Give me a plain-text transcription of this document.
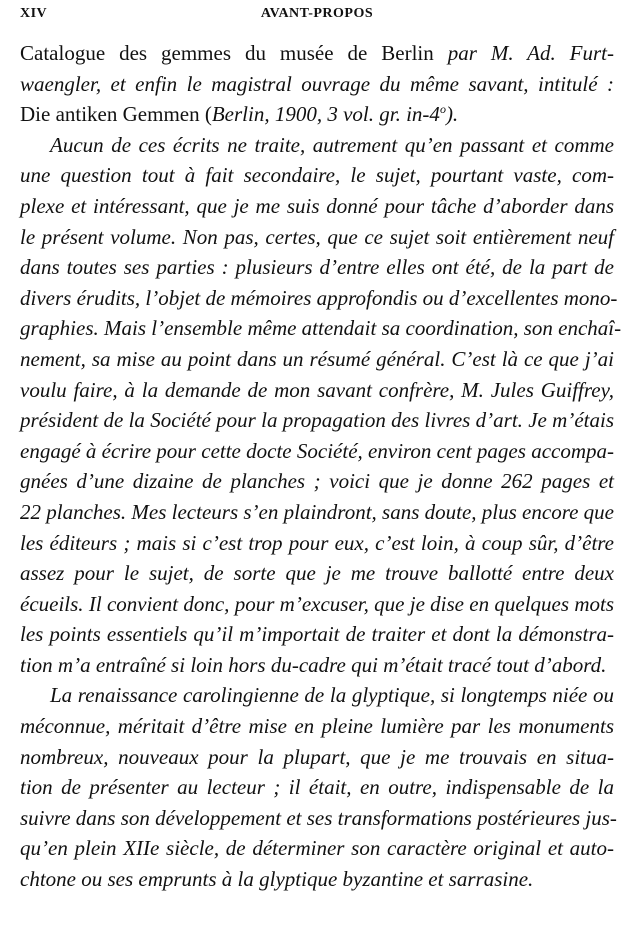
XIV	AVANT-PROPOS
Catalogue des gemmes du musée de Berlin par M. Ad. Furt-
waengler, et enfin le magistral ouvrage du même savant, intitulé :
Die antiken Gemmen (Berlin, 1900, 3 vol. gr. in-4$^o$).
Aucun de ces écrits ne traite, autrement qu’en passant et comme
une question tout à fait secondaire, le sujet, pourtant vaste, com-
plexe et intéressant, que je me suis donné pour tâche d’aborder dans
le présent volume. Non pas, certes, que ce sujet soit entièrement neuf
dans toutes ses parties : plusieurs d’entre elles ont été, de la part de
divers érudits, l’objet de mémoires approfondis ou d’excellentes mono-
graphies. Mais l’ensemble même attendait sa coordination, son enchaî-
nement, sa mise au point dans un résumé général. C’est là ce que j’ai
voulu faire, à la demande de mon savant confrère, M. Jules Guiffrey,
président de la Société pour la propagation des livres d’art. Je m’étais
engagé à écrire pour cette docte Société, environ cent pages accompa-
gnées d’une dizaine de planches ; voici que je donne 262 pages et
22 planches. Mes lecteurs s’en plaindront, sans doute, plus encore que
les éditeurs ; mais si c’est trop pour eux, c’est loin, à coup sûr, d’être
assez pour le sujet, de sorte que je me trouve ballotté entre deux
écueils. Il convient donc, pour m’excuser, que je dise en quelques mots
les points essentiels qu’il m’importait de traiter et dont la démonstra-
tion m’a entraîné si loin hors du-cadre qui m’était tracé tout d’abord.
La renaissance carolingienne de la glyptique, si longtemps niée ou
méconnue, méritait d’être mise en pleine lumière par les monuments
nombreux, nouveaux pour la plupart, que je me trouvais en situa-
tion de présenter au lecteur ; il était, en outre, indispensable de la
suivre dans son développement et ses transformations postérieures jus-
qu’en plein XIIe siècle, de déterminer son caractère original et auto-
chtone ou ses emprunts à la glyptique byzantine et sarrasine.
